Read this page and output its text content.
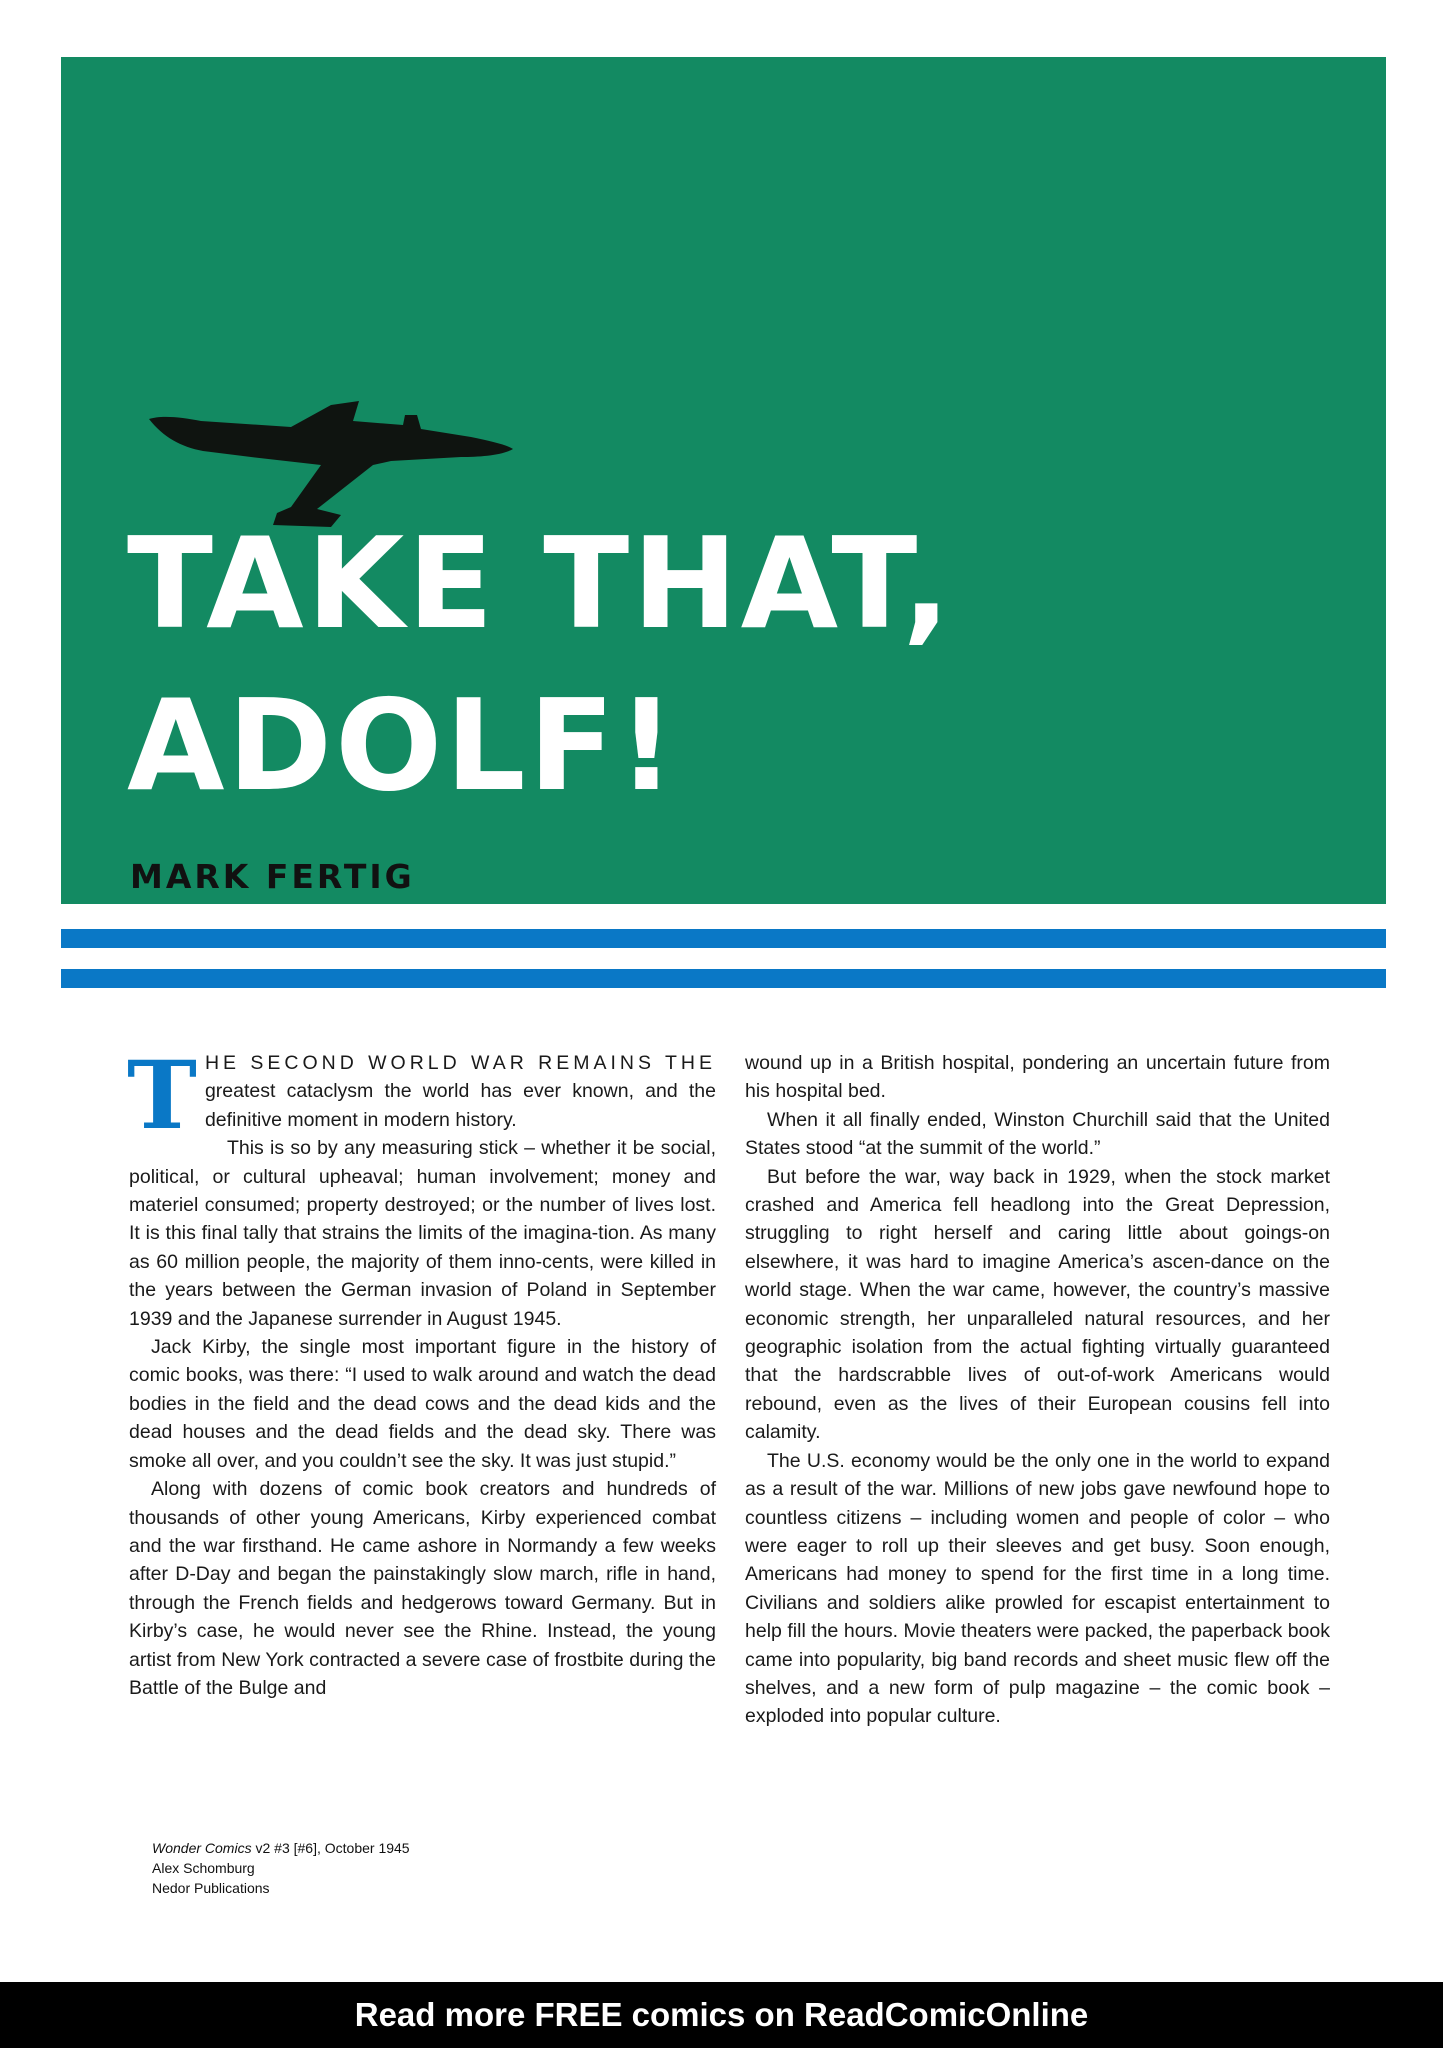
TAKE THAT,
ADOLF!
MARK FERTIG

THE SECOND WORLD WAR REMAINS THE greatest cataclysm the world has ever known, and the definitive moment in modern history.

This is so by any measuring stick – whether it be social, political, or cultural upheaval; human involvement; money and materiel consumed; property destroyed; or the number of lives lost. It is this final tally that strains the limits of the imagina-tion. As many as 60 million people, the majority of them inno-cents, were killed in the years between the German invasion of Poland in September 1939 and the Japanese surrender in August 1945.

Jack Kirby, the single most important figure in the history of comic books, was there: “I used to walk around and watch the dead bodies in the field and the dead cows and the dead kids and the dead houses and the dead fields and the dead sky. There was smoke all over, and you couldn’t see the sky. It was just stupid.”

Along with dozens of comic book creators and hundreds of thousands of other young Americans, Kirby experienced combat and the war firsthand. He came ashore in Normandy a few weeks after D-Day and began the painstakingly slow march, rifle in hand, through the French fields and hedgerows toward Germany. But in Kirby’s case, he would never see the Rhine. Instead, the young artist from New York contracted a severe case of frostbite during the Battle of the Bulge and

wound up in a British hospital, pondering an uncertain future from his hospital bed.

When it all finally ended, Winston Churchill said that the United States stood “at the summit of the world.”

But before the war, way back in 1929, when the stock market crashed and America fell headlong into the Great Depression, struggling to right herself and caring little about goings-on elsewhere, it was hard to imagine America’s ascen-dance on the world stage. When the war came, however, the country’s massive economic strength, her unparalleled natural resources, and her geographic isolation from the actual fighting virtually guaranteed that the hardscrabble lives of out-of-work Americans would rebound, even as the lives of their European cousins fell into calamity.

The U.S. economy would be the only one in the world to expand as a result of the war. Millions of new jobs gave newfound hope to countless citizens – including women and people of color – who were eager to roll up their sleeves and get busy. Soon enough, Americans had money to spend for the first time in a long time. Civilians and soldiers alike prowled for escapist entertainment to help fill the hours. Movie theaters were packed, the paperback book came into popularity, big band records and sheet music flew off the shelves, and a new form of pulp magazine – the comic book – exploded into popular culture.

Wonder Comics v2 #3 [#6], October 1945
Alex Schomburg
Nedor Publications
Read more FREE comics on ReadComicOnline
